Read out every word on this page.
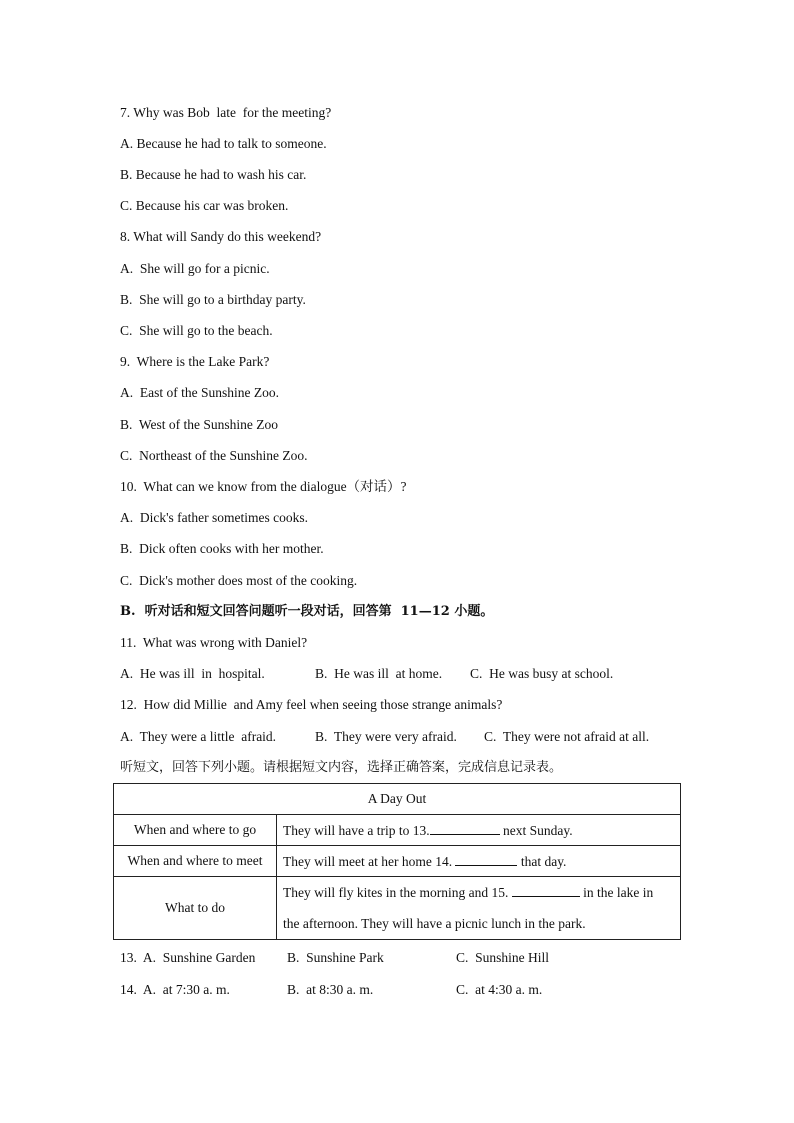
7. Why was Bob  late  for the meeting?
A. Because he had to talk to someone.
B. Because he had to wash his car.
C. Because his car was broken.
8. What will Sandy do this weekend?
A.  She will go for a picnic.
B.  She will go to a birthday party.
C.  She will go to the beach.
9.  Where is the Lake Park?
A.  East of the Sunshine Zoo.
B.  West of the Sunshine Zoo
C.  Northeast of the Sunshine Zoo.
10.  What can we know from the dialogue（对话）?
A.  Dick's father sometimes cooks.
B.  Dick often cooks with her mother.
C.  Dick's mother does most of the cooking.
B.  听对话和短文回答问题听一段对话，回答第  11—12 小题。
11.  What was wrong with Daniel?
A.  He was ill  in  hospital.	B.  He was ill  at home. C.  He was busy at school.
12.  How did Millie  and Amy feel when seeing those strange animals?
A.  They were a little  afraid.	B.  They were very afraid. C.  They were not afraid at all.
听短文，回答下列小题。请根据短文内容，选择正确答案，完成信息记录表。
A Day Out	
When and where to go	They will have a trip to 13. next Sunday.
When and where to meet	They will meet at her home 14. that day.
What to do	They will fly kites in the morning and 15. in the lake in
the afternoon. They will have a picnic lunch in the park.
13.  A.  Sunshine Garden B.  Sunshine Park	C.  Sunshine Hill
14.  A.  at 7:30 a. m.	B.  at 8:30 a. m.	C.  at 4:30 a. m.
